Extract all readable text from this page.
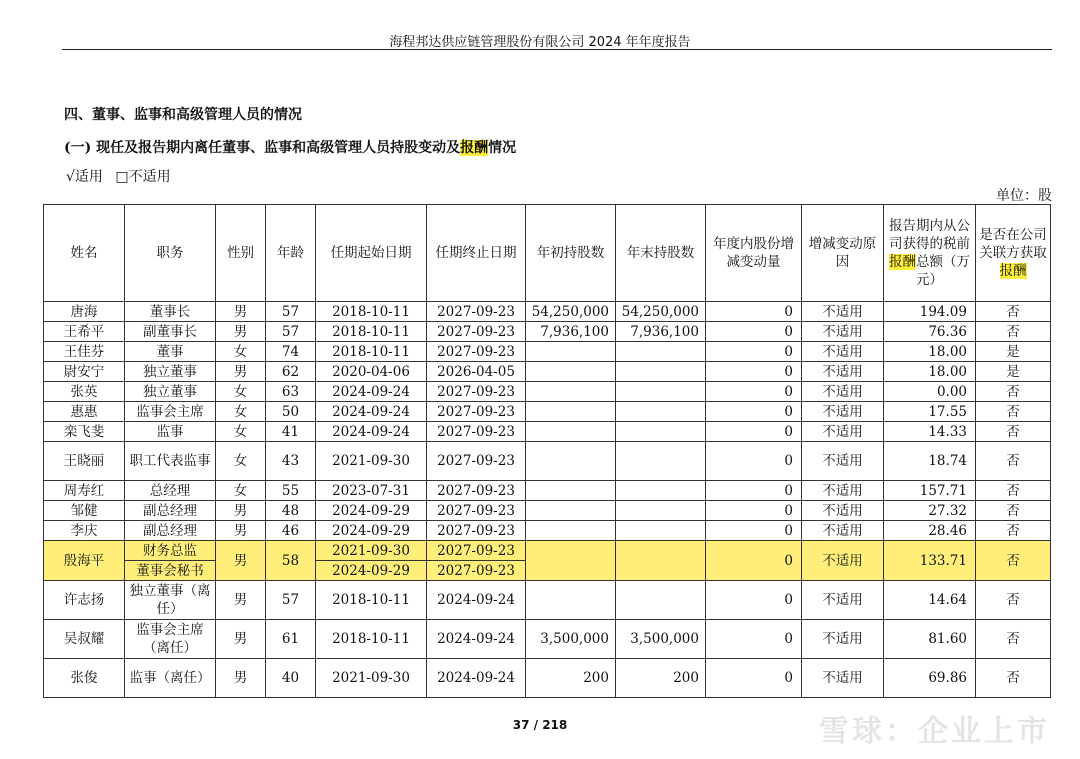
海程邦达供应链管理股份有限公司 2024 年年度报告
四、董事、监事和高级管理人员的情况
(一) 现任及报告期内离任董事、监事和高级管理人员持股变动及报酬情况
√适用 □不适用
单位：股
姓名	职务	性别	年龄	任期起始日期	任期终止日期	年初持股数	年末持股数	年度内股份增减变动量	增减变动原因	报告期内从公司获得的税前报酬总额（万元）	是否在公司关联方获取报酬
唐海	董事长	男	57	2018-10-11	2027-09-23	54,250,000	54,250,000	0	不适用	194.09	否
王希平	副董事长	男	57	2018-10-11	2027-09-23	7,936,100	7,936,100	0	不适用	76.36	否
王佳芬	董事	女	74	2018-10-11	2027-09-23			0	不适用	18.00	是
尉安宁	独立董事	男	62	2020-04-06	2026-04-05			0	不适用	18.00	是
张英	独立董事	女	63	2024-09-24	2027-09-23			0	不适用	0.00	否
惠惠	监事会主席	女	50	2024-09-24	2027-09-23			0	不适用	17.55	否
栾飞斐	监事	女	41	2024-09-24	2027-09-23			0	不适用	14.33	否
王晓丽	职工代表监事	女	43	2021-09-30	2027-09-23			0	不适用	18.74	否
周寿红	总经理	女	55	2023-07-31	2027-09-23			0	不适用	157.71	否
邹健	副总经理	男	48	2024-09-29	2027-09-23			0	不适用	27.32	否
李庆	副总经理	男	46	2024-09-29	2027-09-23			0	不适用	28.46	否
殷海平	财务总监	男	58	2021-09-30	2027-09-23			0	不适用	133.71	否
	董事会秘书			2024-09-29	2027-09-23						
许志扬	独立董事（离任）	男	57	2018-10-11	2024-09-24			0	不适用	14.64	否
吴叔耀	监事会主席（离任）	男	61	2018-10-11	2024-09-24	3,500,000	3,500,000	0	不适用	81.60	否
张俊	监事（离任）	男	40	2021-09-30	2024-09-24	200	200	0	不适用	69.86	否
37 / 218	雪球：企业上市
